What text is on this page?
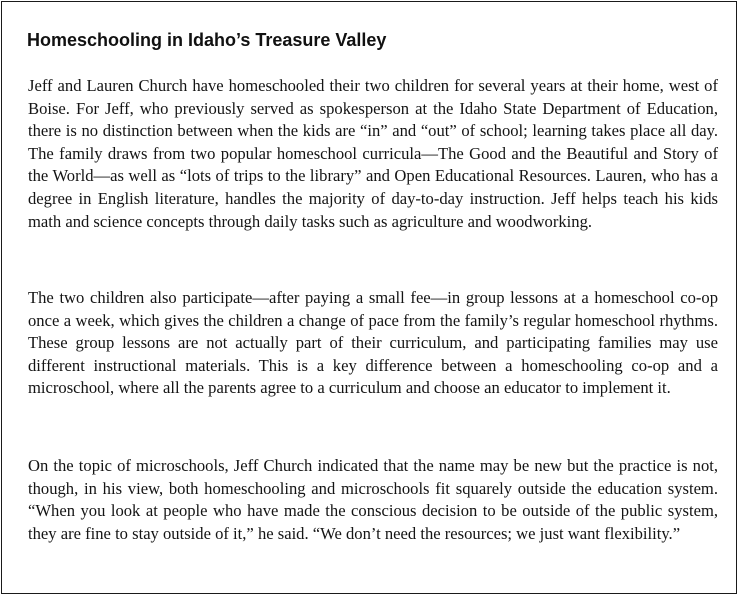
Homeschooling in Idaho’s Treasure Valley

Jeff and Lauren Church have homeschooled their two children for several years at their home, west of Boise. For Jeff, who previously served as spokesperson at the Idaho State Department of Education, there is no distinction between when the kids are “in” and “out” of school; learning takes place all day. The family draws from two popular homeschool curricula—The Good and the Beautiful and Story of the World—as well as “lots of trips to the library” and Open Educational Resources. Lauren, who has a degree in English literature, handles the majority of day-to-day instruction. Jeff helps teach his kids math and science concepts through daily tasks such as agriculture and woodworking.

The two children also participate—after paying a small fee—in group lessons at a homeschool co-op once a week, which gives the children a change of pace from the family’s regular homeschool rhythms. These group lessons are not actually part of their curriculum, and participating families may use different instructional materials. This is a key difference between a homeschooling co-op and a microschool, where all the parents agree to a curriculum and choose an educator to implement it.

On the topic of microschools, Jeff Church indicated that the name may be new but the practice is not, though, in his view, both homeschooling and microschools fit squarely outside the education system. “When you look at people who have made the conscious decision to be outside of the public system, they are fine to stay outside of it,” he said. “We don’t need the resources; we just want flexibility.”
